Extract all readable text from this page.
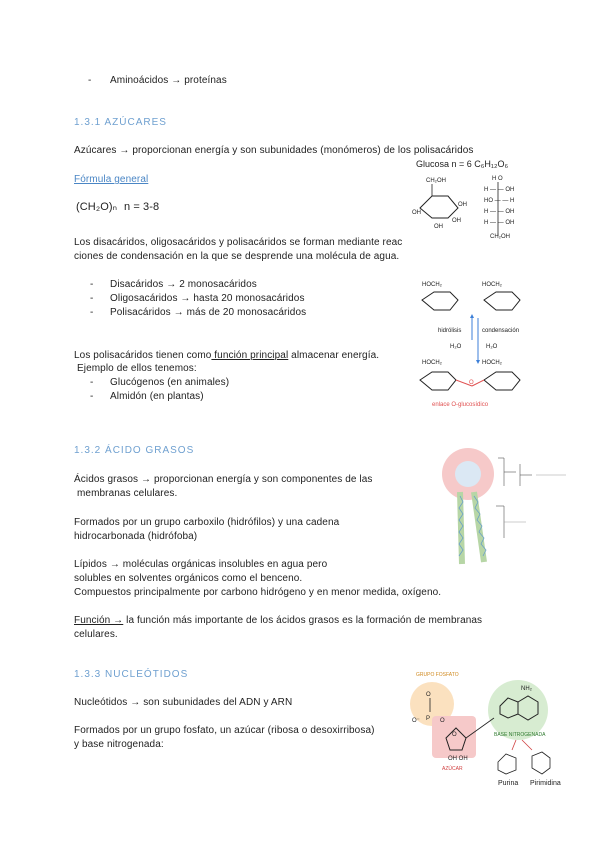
- Aminoácidos → proteínas
1.3.1 AZÚCARES
Azúcares → proporcionan energía y son subunidades (monómeros) de los polisacáridos
Fórmula general
(CH₂O)ₙ n = 3-8
Los disacáridos, oligosacáridos y polisacáridos se forman mediante reac
ciones de condensación en la que se desprende una molécula de agua.
- Disacáridos → 2 monosacáridos
- Oligosacáridos → hasta 20 monosacáridos
- Polisacáridos → más de 20 monosacáridos
Los polisacáridos tienen como función principal almacenar energía.
Ejemplo de ellos tenemos:
- Glucógenos (en animales)
- Almidón (en plantas)
Glucosa n = 6 C₆H₁₂O₆
CH₂OH
OH
OH
OH
OH
H O
H — — OH
HO — — H
H — — OH
H — — OH
CH₂OH
HOCH₂	HOCH₂
hidrólisis	condensación
H₂O	H₂O
HOCH₂	HOCH₂
O
enlace O-glucosídico
1.3.2 ÁCIDO GRASOS
Ácidos grasos → proporcionan energía y son componentes de las
membranas celulares.
Formados por un grupo carboxilo (hidrófilos) y una cadena
hidrocarbonada (hidrófoba)
Lípidos → moléculas orgánicas insolubles en agua pero
solubles en solventes orgánicos como el benceno.
Compuestos principalmente por carbono hidrógeno y en menor medida, oxígeno.
Función → la función más importante de los ácidos grasos es la formación de membranas
celulares.
1.3.3 NUCLEÓTIDOS
Nucleótidos → son subunidades del ADN y ARN
Formados por un grupo fosfato, un azúcar (ribosa o desoxirribosa)
y base nitrogenada:
GRUPO FOSFATO
O
P
O⁻	O
O
OH OH
AZÚCAR
NH₂
BASE NITROGENADA
Purina Pirimidina
